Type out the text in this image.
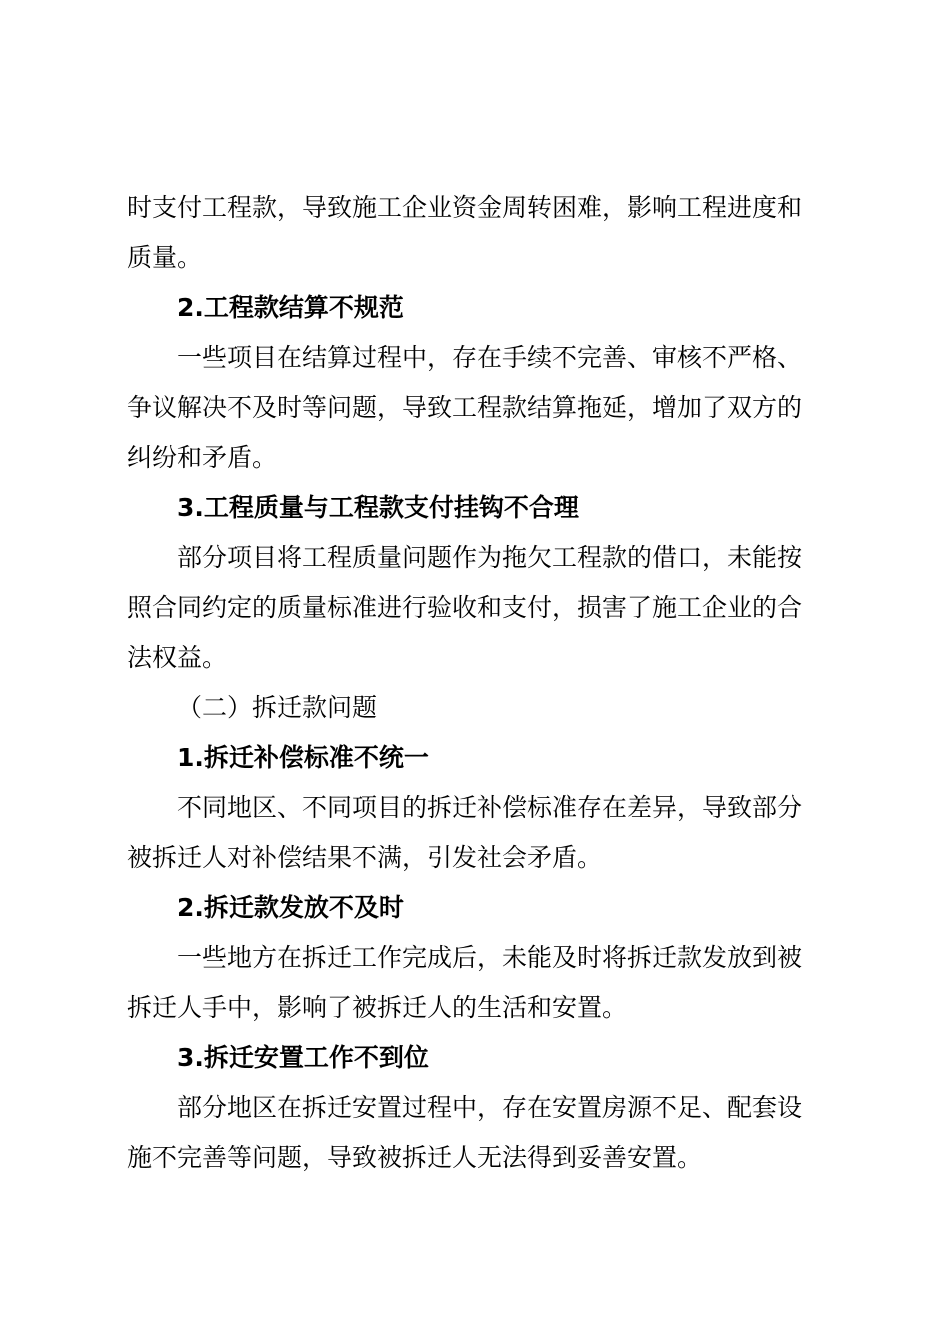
时支付工程款，导致施工企业资金周转困难，影响工程进度和
质量。
2.工程款结算不规范
一些项目在结算过程中，存在手续不完善、审核不严格、
争议解决不及时等问题，导致工程款结算拖延，增加了双方的
纠纷和矛盾。
3.工程质量与工程款支付挂钩不合理
部分项目将工程质量问题作为拖欠工程款的借口，未能按
照合同约定的质量标准进行验收和支付，损害了施工企业的合
法权益。
（二）拆迁款问题
1.拆迁补偿标准不统一
不同地区、不同项目的拆迁补偿标准存在差异，导致部分
被拆迁人对补偿结果不满，引发社会矛盾。
2.拆迁款发放不及时
一些地方在拆迁工作完成后，未能及时将拆迁款发放到被
拆迁人手中，影响了被拆迁人的生活和安置。
3.拆迁安置工作不到位
部分地区在拆迁安置过程中，存在安置房源不足、配套设
施不完善等问题，导致被拆迁人无法得到妥善安置。
